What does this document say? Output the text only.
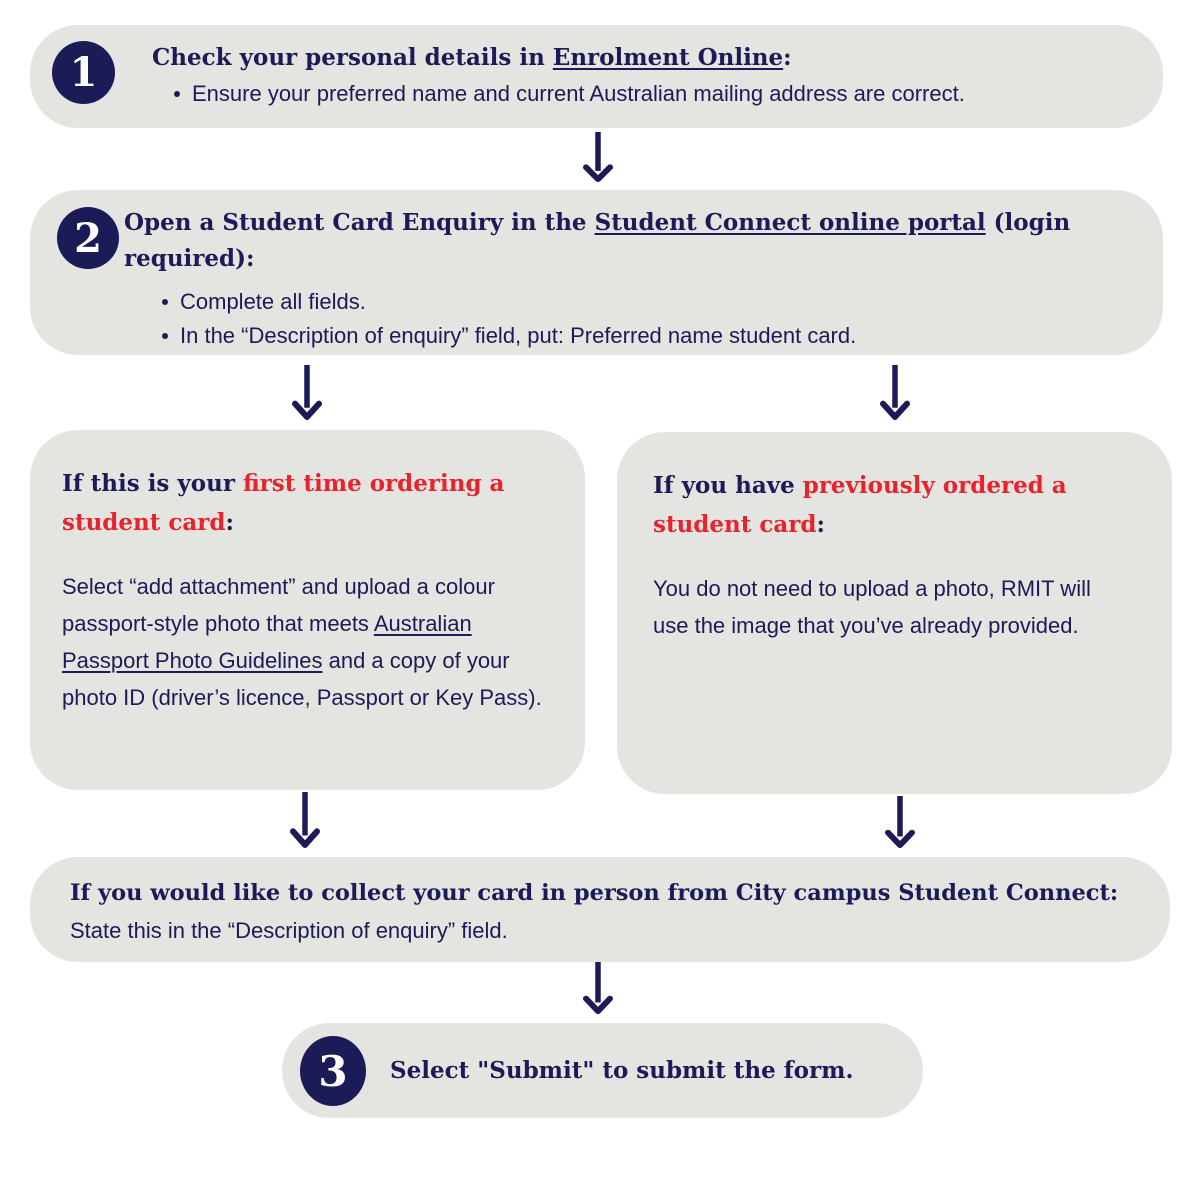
1 Check your personal details in Enrolment Online:
Ensure your preferred name and current Australian mailing address are correct.
2 Open a Student Card Enquiry in the Student Connect online portal (login required):
Complete all fields.
In the “Description of enquiry” field, put: Preferred name student card.
If this is your first time ordering a student card:

Select “add attachment” and upload a colour passport-style photo that meets Australian Passport Photo Guidelines and a copy of your photo ID (driver’s licence, Passport or Key Pass).

If you have previously ordered a student card:

You do not need to upload a photo, RMIT will use the image that you’ve already provided.

If you would like to collect your card in person from City campus Student Connect:

State this in the “Description of enquiry” field.

3 Select "Submit" to submit the form.
